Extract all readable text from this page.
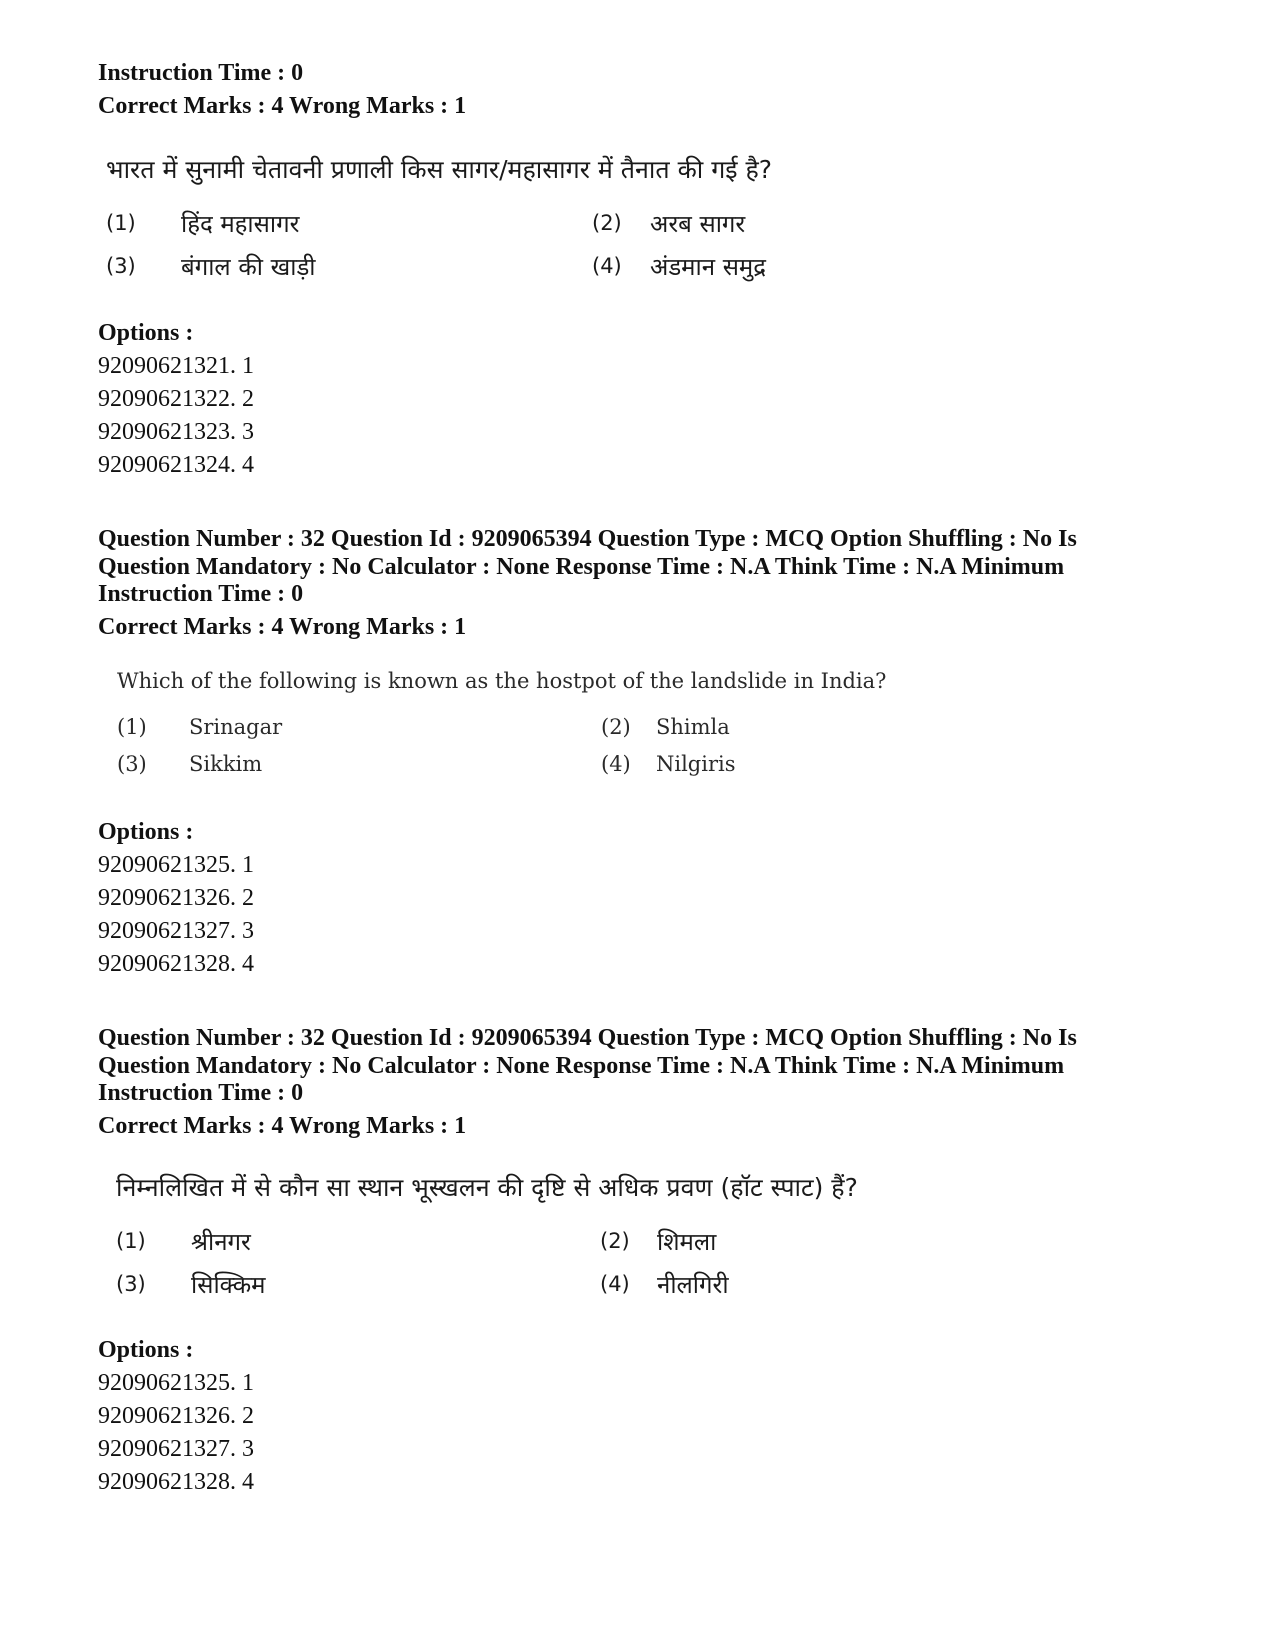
Instruction Time : 0
Correct Marks : 4 Wrong Marks : 1
भारत में सुनामी चेतावनी प्रणाली किस सागर/महासागर में तैनात की गई है?
(1) हिंद महासागर	(2) अरब सागर
(3) बंगाल की खाड़ी	(4) अंडमान समुद्र
Options :
92090621321. 1
92090621322. 2
92090621323. 3
92090621324. 4
Question Number : 32 Question Id : 9209065394 Question Type : MCQ Option Shuffling : No Is
Question Mandatory : No Calculator : None Response Time : N.A Think Time : N.A Minimum
Instruction Time : 0
Correct Marks : 4 Wrong Marks : 1
Which of the following is known as the hostpot of the landslide in India?
(1) Srinagar	(2) Shimla
(3) Sikkim	(4) Nilgiris
Options :
92090621325. 1
92090621326. 2
92090621327. 3
92090621328. 4
Question Number : 32 Question Id : 9209065394 Question Type : MCQ Option Shuffling : No Is
Question Mandatory : No Calculator : None Response Time : N.A Think Time : N.A Minimum
Instruction Time : 0
Correct Marks : 4 Wrong Marks : 1
निम्नलिखित में से कौन सा स्थान भूस्खलन की दृष्टि से अधिक प्रवण (हॉट स्पाट) हैं?
(1) श्रीनगर	(2) शिमला
(3) सिक्किम	(4) नीलगिरी
Options :
92090621325. 1
92090621326. 2
92090621327. 3
92090621328. 4
